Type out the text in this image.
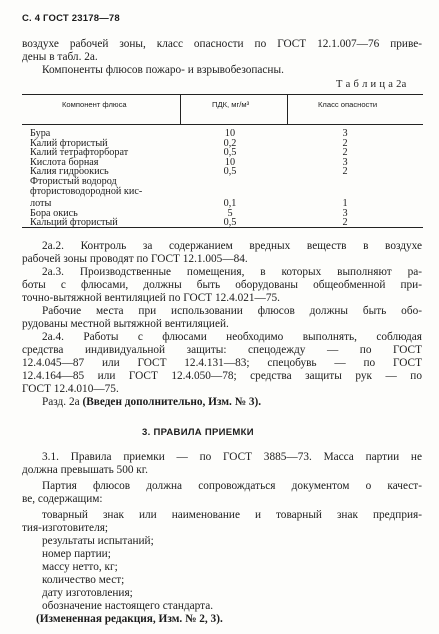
С. 4 ГОСТ 23178—78
воздухе рабочей зоны, класс опасности по ГОСТ 12.1.007—76 приве-
дены в табл. 2а.
Компоненты флюсов пожаро- и взрывобезопасны.
Т а б л и ц а 2а
Компонент флюса	ПДК, мг/м³	Класс опасности
Бура	10	3
Калий фтористый	0,2	2
Калий тетрафторборат	0,5	2
Кислота борная	10	3
Калия гидроокись	0,5	2
Фтористый водород
фтористоводородной кис-
лоты	0,1	1
Бора окись	5	3
Кальций фтористый	0,5	2
2а.2. Контроль за содержанием вредных веществ в воздухе
рабочей зоны проводят по ГОСТ 12.1.005—84.
2а.3. Производственные помещения, в которых выполняют ра-
боты с флюсами, должны быть оборудованы общеобменной при-
точно-вытяжной вентиляцией по ГОСТ 12.4.021—75.
Рабочие места при использовании флюсов должны быть обо-
рудованы местной вытяжной вентиляцией.
2а.4. Работы с флюсами необходимо выполнять, соблюдая
средства индивидуальной защиты: спецодежду — по ГОСТ
12.4.045—87 или ГОСТ 12.4.131—83; спецобувь — по ГОСТ
12.4.164—85 или ГОСТ 12.4.050—78; средства защиты рук — по
ГОСТ 12.4.010—75.
Разд. 2а (Введен дополнительно, Изм. № 3).
3. ПРАВИЛА ПРИЕМКИ
3.1. Правила приемки — по ГОСТ 3885—73. Масса партии не
должна превышать 500 кг.
Партия флюсов должна сопровождаться документом о качест-
ве, содержащим:
товарный знак или наименование и товарный знак предприя-
тия-изготовителя;
результаты испытаний;
номер партии;
массу нетто, кг;
количество мест;
дату изготовления;
обозначение настоящего стандарта.
(Измененная редакция, Изм. № 2, 3).
